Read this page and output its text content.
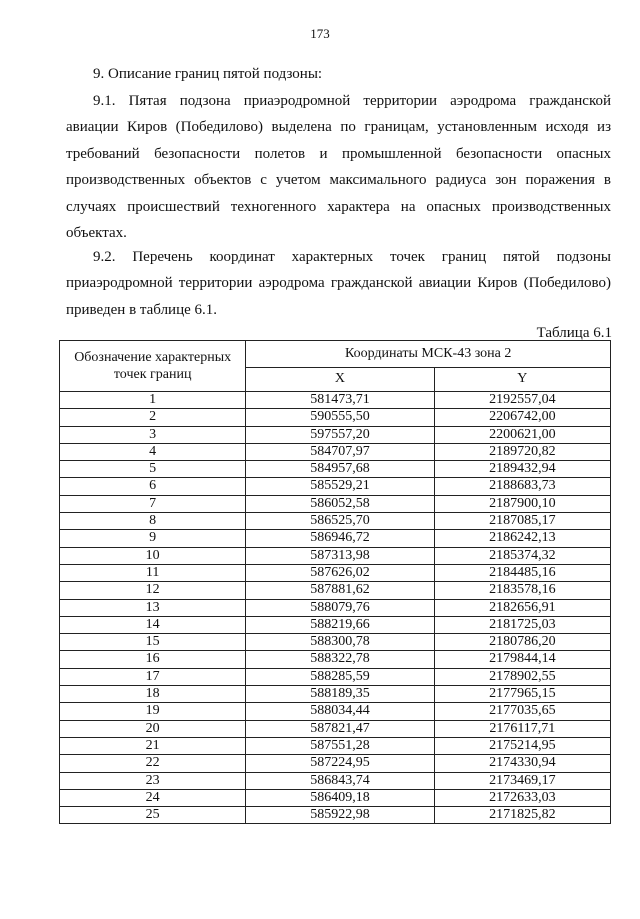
173
9. Описание границ пятой подзоны:

9.1. Пятая подзона приаэродромной территории аэродрома гражданской авиации Киров (Победилово) выделена по границам, установленным исходя из требований безопасности полетов и промышленной безопасности опасных производственных объектов с учетом максимального радиуса зон поражения в случаях происшествий техногенного характера на опасных производственных объектах.

9.2. Перечень координат характерных точек границ пятой подзоны приаэродромной территории аэродрома гражданской авиации Киров (Победилово) приведен в таблице 6.1.

Таблица 6.1
Обозначение характерных точек границ	Координаты МСК-43 зона 2	
	X	Y
1	581473,71	2192557,04
2	590555,50	2206742,00
3	597557,20	2200621,00
4	584707,97	2189720,82
5	584957,68	2189432,94
6	585529,21	2188683,73
7	586052,58	2187900,10
8	586525,70	2187085,17
9	586946,72	2186242,13
10	587313,98	2185374,32
11	587626,02	2184485,16
12	587881,62	2183578,16
13	588079,76	2182656,91
14	588219,66	2181725,03
15	588300,78	2180786,20
16	588322,78	2179844,14
17	588285,59	2178902,55
18	588189,35	2177965,15
19	588034,44	2177035,65
20	587821,47	2176117,71
21	587551,28	2175214,95
22	587224,95	2174330,94
23	586843,74	2173469,17
24	586409,18	2172633,03
25	585922,98	2171825,82
